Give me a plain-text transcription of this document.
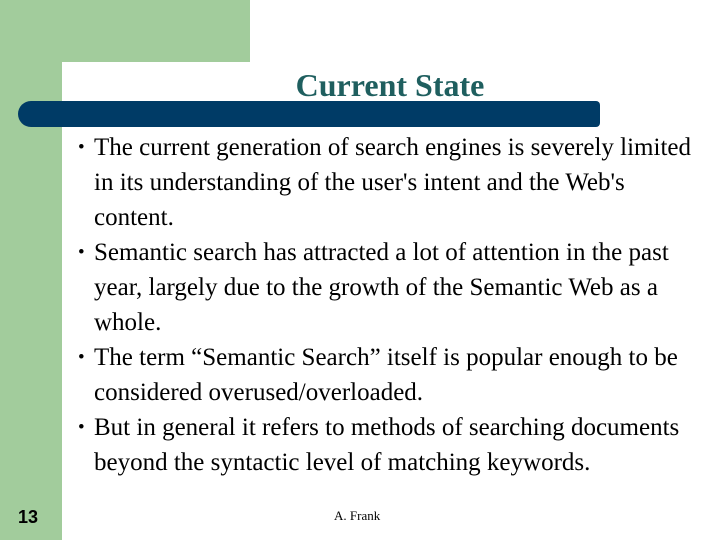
Current State
• The current generation of search engines is severely limited in its understanding of the user's intent and the Web's content.
• Semantic search has attracted a lot of attention in the past year, largely due to the growth of the Semantic Web as a whole.
• The term “Semantic Search” itself is popular enough to be considered overused/overloaded.
• But in general it refers to methods of searching documents beyond the syntactic level of matching keywords.
13	A. Frank
